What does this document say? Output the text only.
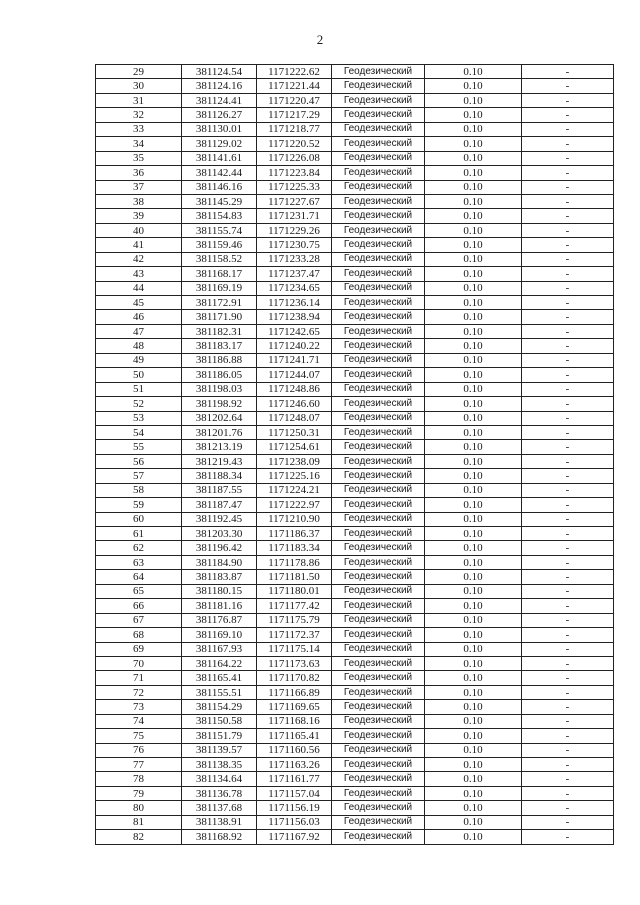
2
29	381124.54	1171222.62	Геодезический	0.10	-
30	381124.16	1171221.44	Геодезический	0.10	-
31	381124.41	1171220.47	Геодезический	0.10	-
32	381126.27	1171217.29	Геодезический	0.10	-
33	381130.01	1171218.77	Геодезический	0.10	-
34	381129.02	1171220.52	Геодезический	0.10	-
35	381141.61	1171226.08	Геодезический	0.10	-
36	381142.44	1171223.84	Геодезический	0.10	-
37	381146.16	1171225.33	Геодезический	0.10	-
38	381145.29	1171227.67	Геодезический	0.10	-
39	381154.83	1171231.71	Геодезический	0.10	-
40	381155.74	1171229.26	Геодезический	0.10	-
41	381159.46	1171230.75	Геодезический	0.10	-
42	381158.52	1171233.28	Геодезический	0.10	-
43	381168.17	1171237.47	Геодезический	0.10	-
44	381169.19	1171234.65	Геодезический	0.10	-
45	381172.91	1171236.14	Геодезический	0.10	-
46	381171.90	1171238.94	Геодезический	0.10	-
47	381182.31	1171242.65	Геодезический	0.10	-
48	381183.17	1171240.22	Геодезический	0.10	-
49	381186.88	1171241.71	Геодезический	0.10	-
50	381186.05	1171244.07	Геодезический	0.10	-
51	381198.03	1171248.86	Геодезический	0.10	-
52	381198.92	1171246.60	Геодезический	0.10	-
53	381202.64	1171248.07	Геодезический	0.10	-
54	381201.76	1171250.31	Геодезический	0.10	-
55	381213.19	1171254.61	Геодезический	0.10	-
56	381219.43	1171238.09	Геодезический	0.10	-
57	381188.34	1171225.16	Геодезический	0.10	-
58	381187.55	1171224.21	Геодезический	0.10	-
59	381187.47	1171222.97	Геодезический	0.10	-
60	381192.45	1171210.90	Геодезический	0.10	-
61	381203.30	1171186.37	Геодезический	0.10	-
62	381196.42	1171183.34	Геодезический	0.10	-
63	381184.90	1171178.86	Геодезический	0.10	-
64	381183.87	1171181.50	Геодезический	0.10	-
65	381180.15	1171180.01	Геодезический	0.10	-
66	381181.16	1171177.42	Геодезический	0.10	-
67	381176.87	1171175.79	Геодезический	0.10	-
68	381169.10	1171172.37	Геодезический	0.10	-
69	381167.93	1171175.14	Геодезический	0.10	-
70	381164.22	1171173.63	Геодезический	0.10	-
71	381165.41	1171170.82	Геодезический	0.10	-
72	381155.51	1171166.89	Геодезический	0.10	-
73	381154.29	1171169.65	Геодезический	0.10	-
74	381150.58	1171168.16	Геодезический	0.10	-
75	381151.79	1171165.41	Геодезический	0.10	-
76	381139.57	1171160.56	Геодезический	0.10	-
77	381138.35	1171163.26	Геодезический	0.10	-
78	381134.64	1171161.77	Геодезический	0.10	-
79	381136.78	1171157.04	Геодезический	0.10	-
80	381137.68	1171156.19	Геодезический	0.10	-
81	381138.91	1171156.03	Геодезический	0.10	-
82	381168.92	1171167.92	Геодезический	0.10	-
